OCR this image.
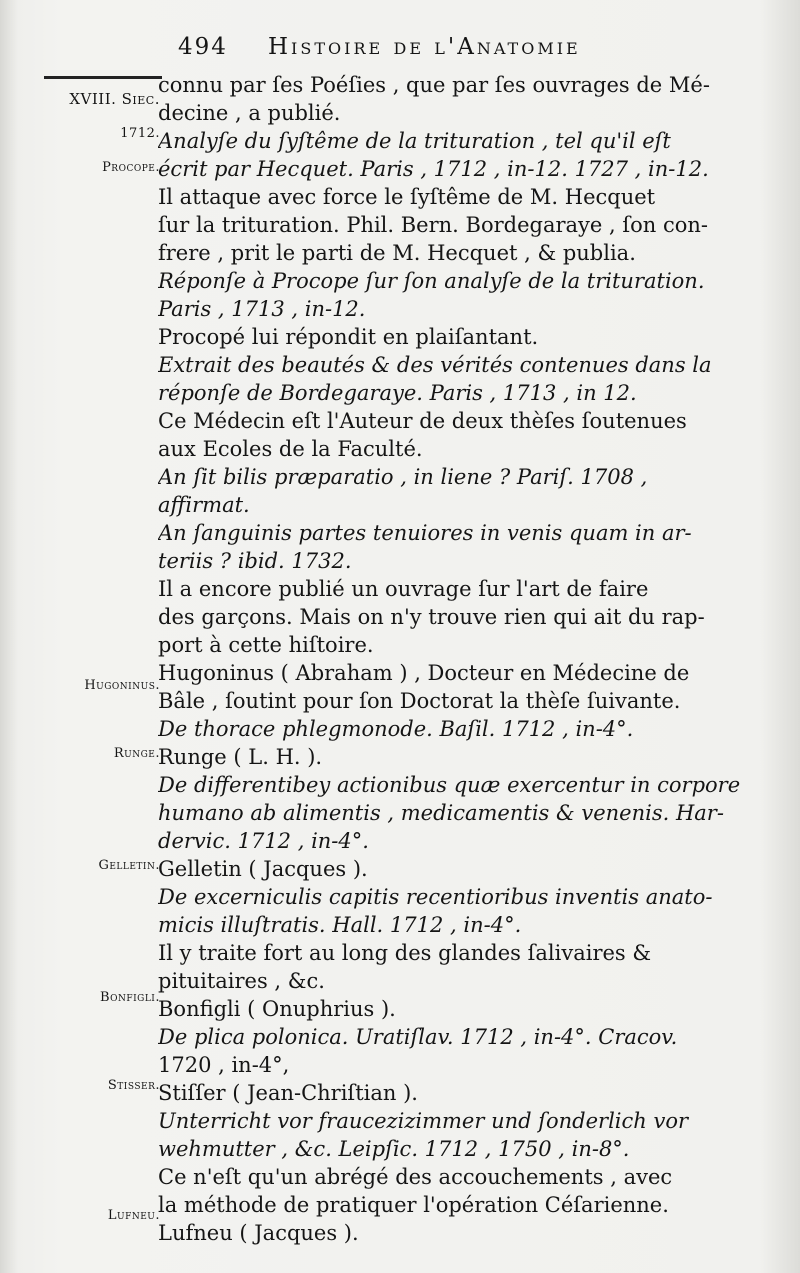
494 Histoire de l'Anatomie
XVIII. Siec.
1712.
Procope.
Hugoninus.
Runge.
Gelletin.
Bonfigli.
Stisser.
Lufneu.
connu par ſes Poéſies , que par ſes ouvrages de Mé-
decine , a publié.
Analyſe du ſyſtême de la trituration , tel qu'il eſt
écrit par Hecquet. Paris , 1712 , in-12. 1727 , in-12.
Il attaque avec force le ſyſtême de M. Hecquet
ſur la trituration. Phil. Bern. Bordegaraye , ſon con-
frere , prit le parti de M. Hecquet , & publia.
Réponſe à Procope ſur ſon analyſe de la trituration.
Paris , 1713 , in-12.
Procopé lui répondit en plaiſantant.
Extrait des beautés & des vérités contenues dans la
réponſe de Bordegaraye. Paris , 1713 , in 12.
Ce Médecin eſt l'Auteur de deux thèſes ſoutenues
aux Ecoles de la Faculté.
An ſit bilis præparatio , in liene ? Pariſ. 1708 ,
affirmat.
An ſanguinis partes tenuiores in venis quam in ar-
teriis ? ibid. 1732.
Il a encore publié un ouvrage ſur l'art de faire
des garçons. Mais on n'y trouve rien qui ait du rap-
port à cette hiſtoire.
Hugoninus ( Abraham ) , Docteur en Médecine de
Bâle , ſoutint pour ſon Doctorat la thèſe ſuivante.
De thorace phlegmonode. Baſil. 1712 , in-4°.
Runge ( L. H. ).
De differentibey actionibus quæ exercentur in corpore
humano ab alimentis , medicamentis & venenis. Har-
dervic. 1712 , in-4°.
Gelletin ( Jacques ).
De excerniculis capitis recentioribus inventis anato-
micis illuſtratis. Hall. 1712 , in-4°.
Il y traite fort au long des glandes ſalivaires &
pituitaires , &c.
Bonfigli ( Onuphrius ).
De plica polonica. Uratiſlav. 1712 , in-4°. Cracov.
1720 , in-4°,
Stiſſer ( Jean-Chriſtian ).
Unterricht vor fraucezizimmer und ſonderlich vor
wehmutter , &c. Leipſic. 1712 , 1750 , in-8°.
Ce n'eſt qu'un abrégé des accouchements , avec
la méthode de pratiquer l'opération Céſarienne.
Lufneu ( Jacques ).
